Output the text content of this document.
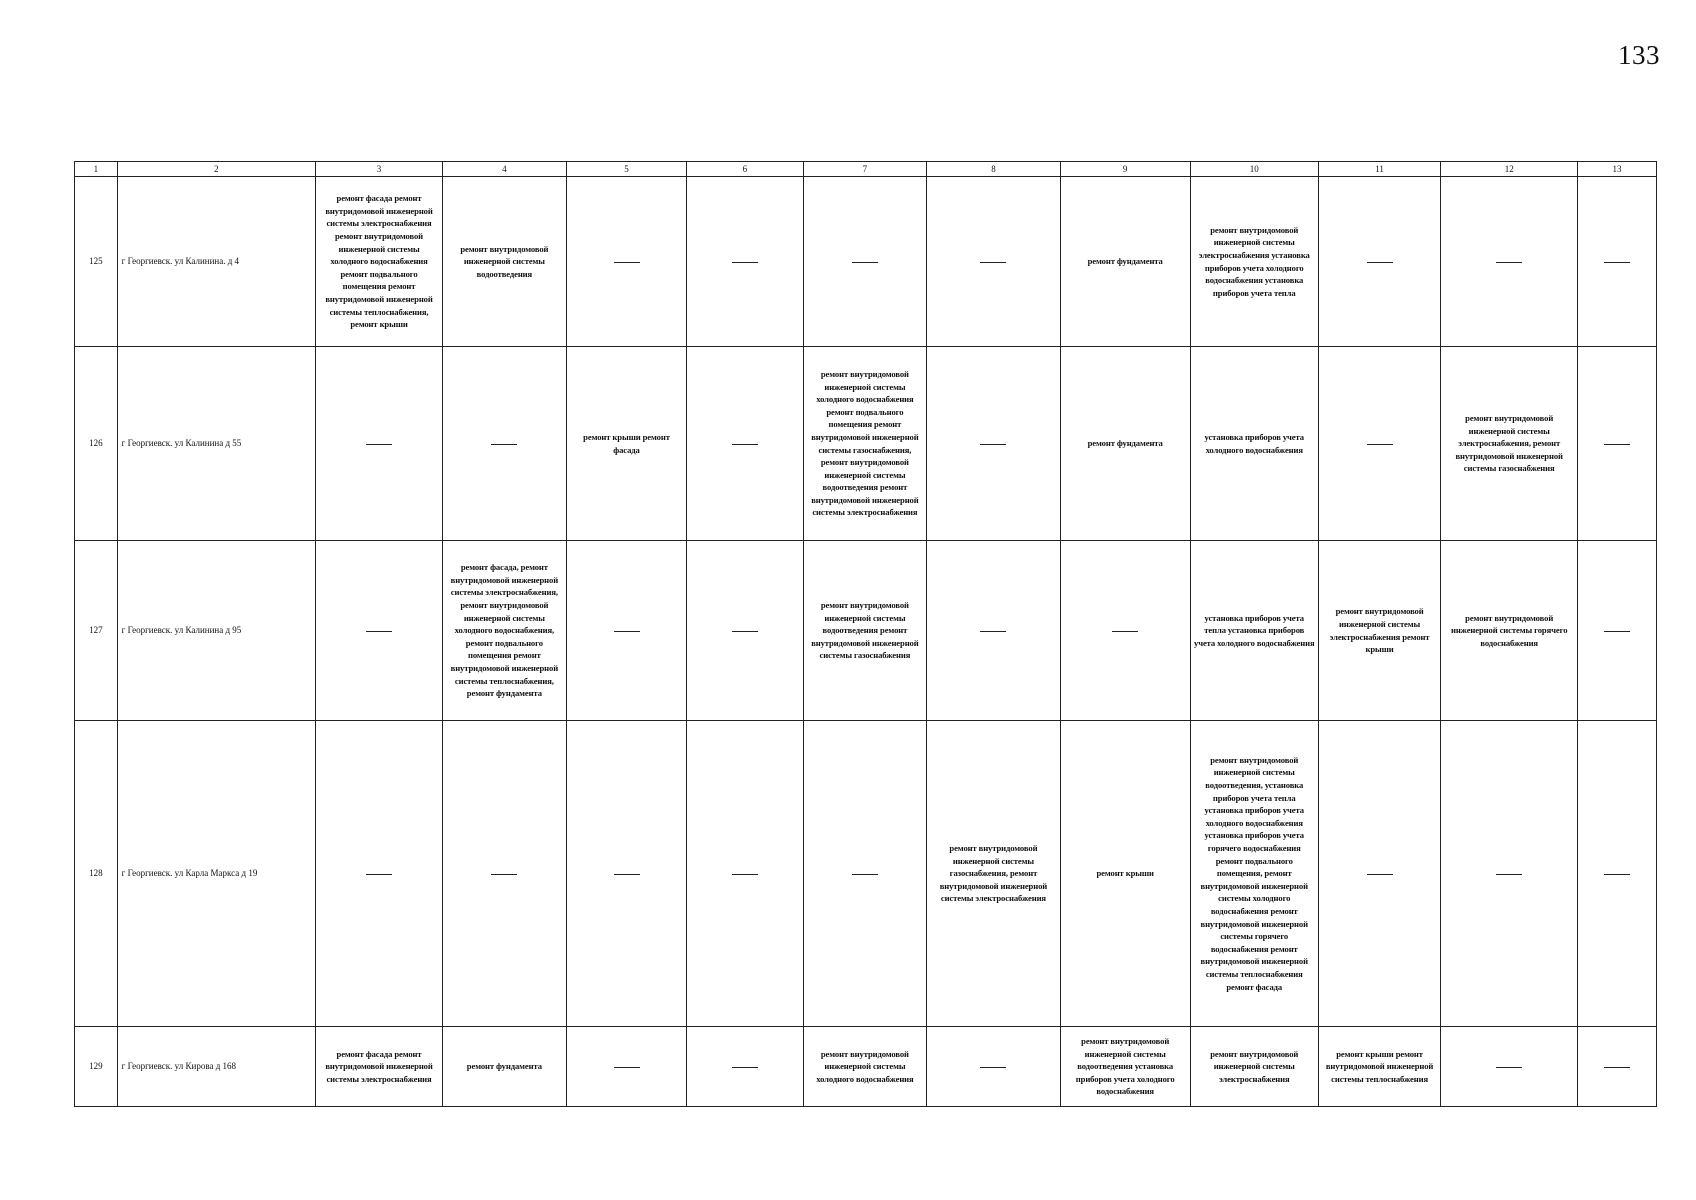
133
1	2	3	4	5	6	7	8	9	10	11	12	13
125	г Георгиевск. ул Калинина. д 4	ремонт фасада ремонт внутридомовой инженерной системы электроснабжения ремонт внутридомовой инженерной системы холодного водоснабжения ремонт подвального помещения ремонт внутридомовой инженерной системы теплоснабжения, ремонт крыши	ремонт внутридомовой инженерной системы водоотведения					ремонт фундамента	ремонт внутридомовой инженерной системы электроснабжения установка приборов учета холодного водоснабжения установка приборов учета тепла			
126	г Георгиевск. ул Калинина д 55			ремонт крыши ремонт фасада		ремонт внутридомовой инженерной системы холодного водоснабжения ремонт подвального помещения ремонт внутридомовой инженерной системы газоснабжения, ремонт внутридомовой инженерной системы водоотведения ремонт внутридомовой инженерной системы электроснабжения		ремонт фундамента	установка приборов учета холодного водоснабжения		ремонт внутридомовой инженерной системы электроснабжения, ремонт внутридомовой инженерной системы газоснабжения	
127	г Георгиевск. ул Калинина д 95		ремонт фасада, ремонт внутридомовой инженерной системы электроснабжения, ремонт внутридомовой инженерной системы холодного водоснабжения, ремонт подвального помещения ремонт внутридомовой инженерной системы теплоснабжения, ремонт фундамента			ремонт внутридомовой инженерной системы водоотведения ремонт внутридомовой инженерной системы газоснабжения			установка приборов учета тепла установка приборов учета холодного водоснабжения	ремонт внутридомовой инженерной системы электроснабжения ремонт крыши	ремонт внутридомовой инженерной системы горячего водоснабжения	
128	г Георгиевск. ул Карла Маркса д 19						ремонт внутридомовой инженерной системы газоснабжения, ремонт внутридомовой инженерной системы электроснабжения	ремонт крыши	ремонт внутридомовой инженерной системы водоотведения, установка приборов учета тепла установка приборов учета холодного водоснабжения установка приборов учета горячего водоснабжения ремонт подвального помещения, ремонт внутридомовой инженерной системы холодного водоснабжения ремонт внутридомовой инженерной системы горячего водоснабжения ремонт внутридомовой инженерной системы теплоснабжения ремонт фасада			
129	г Георгиевск. ул Кирова д 168	ремонт фасада ремонт внутридомовой инженерной системы электроснабжения	ремонт фундамента			ремонт внутридомовой инженерной системы холодного водоснабжения		ремонт внутридомовой инженерной системы водоотведения установка приборов учета холодного водоснабжения	ремонт внутридомовой инженерной системы электроснабжения	ремонт крыши ремонт внутридомовой инженерной системы теплоснабжения		
